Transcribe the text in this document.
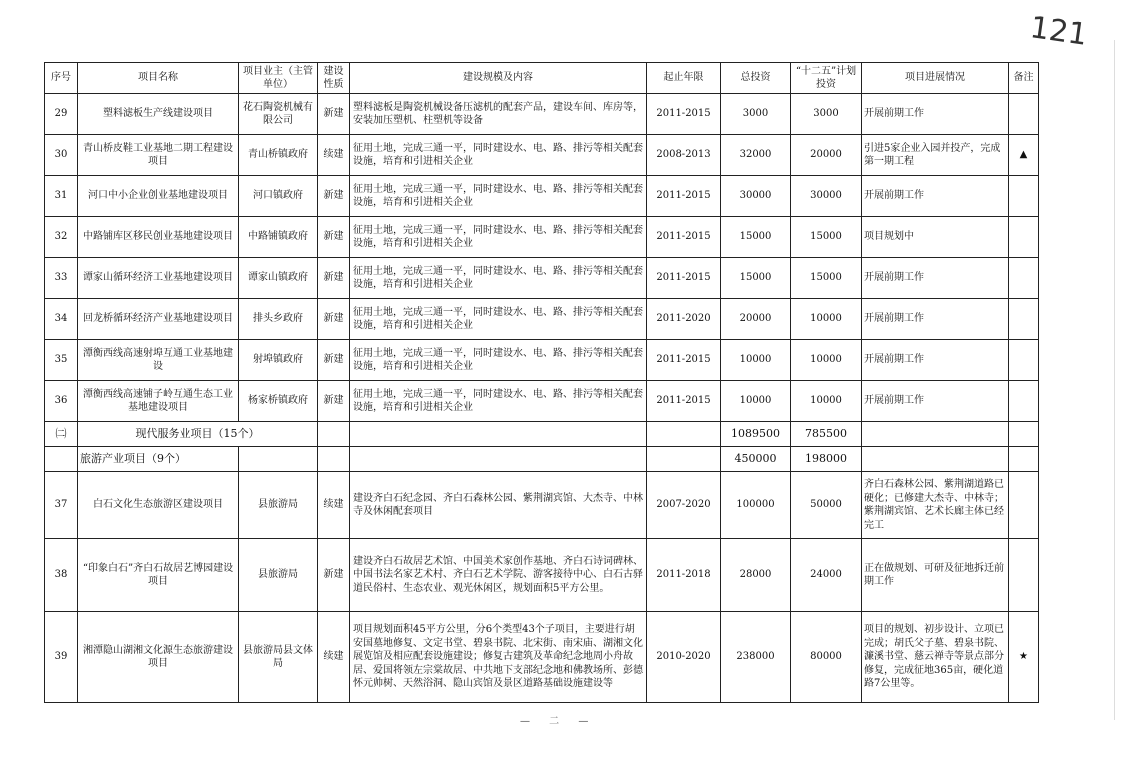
121
序号	项目名称	项目业主（主管单位）	建设性质	建设规模及内容	起止年限	总投资	“十二五”计划投资	项目进展情况	备注
29	塑料滤板生产线建设项目	花石陶瓷机械有限公司	新建	塑料滤板是陶瓷机械设备压滤机的配套产品，建设车间、库房等，安装加压塑机、柱塑机等设备	2011-2015	3000	3000	开展前期工作	
30	青山桥皮鞋工业基地二期工程建设项目	青山桥镇政府	续建	征用土地，完成三通一平，同时建设水、电、路、排污等相关配套设施，培育和引进相关企业	2008-2013	32000	20000	引进5家企业入园并投产，完成第一期工程	▲
31	河口中小企业创业基地建设项目	河口镇政府	新建	征用土地，完成三通一平，同时建设水、电、路、排污等相关配套设施，培育和引进相关企业	2011-2015	30000	30000	开展前期工作	
32	中路铺库区移民创业基地建设项目	中路铺镇政府	新建	征用土地，完成三通一平，同时建设水、电、路、排污等相关配套设施，培育和引进相关企业	2011-2015	15000	15000	项目规划中	
33	谭家山循环经济工业基地建设项目	谭家山镇政府	新建	征用土地，完成三通一平，同时建设水、电、路、排污等相关配套设施，培育和引进相关企业	2011-2015	15000	15000	开展前期工作	
34	回龙桥循环经济产业基地建设项目	排头乡政府	新建	征用土地，完成三通一平，同时建设水、电、路、排污等相关配套设施，培育和引进相关企业	2011-2020	20000	10000	开展前期工作	
35	潭衡西线高速射埠互通工业基地建设	射埠镇政府	新建	征用土地，完成三通一平，同时建设水、电、路、排污等相关配套设施，培育和引进相关企业	2011-2015	10000	10000	开展前期工作	
36	潭衡西线高速铺子岭互通生态工业基地建设项目	杨家桥镇政府	新建	征用土地，完成三通一平，同时建设水、电、路、排污等相关配套设施，培育和引进相关企业	2011-2015	10000	10000	开展前期工作	
㈡	现代服务业项目（15个）					1089500	785500		
	旅游产业项目（9个）					450000	198000		
37	白石文化生态旅游区建设项目	县旅游局	续建	建设齐白石纪念园、齐白石森林公园、紫荆湖宾馆、大杰寺、中林寺及休闲配套项目	2007-2020	100000	50000	齐白石森林公园、紫荆湖道路已硬化；已修建大杰寺、中林寺；紫荆湖宾馆、艺术长廊主体已经完工	
38	“印象白石”齐白石故居艺博园建设项目	县旅游局	新建	建设齐白石故居艺术馆、中国美术家创作基地、齐白石诗词碑林、中国书法名家艺术村、齐白石艺术学院、游客接待中心、白石古驿道民俗村、生态农业、观光休闲区，规划面积5平方公里。	2011-2018	28000	24000	正在做规划、可研及征地拆迁前期工作	
39	湘潭隐山湖湘文化源生态旅游建设项目	县旅游局县文体局	续建	项目规划面积45平方公里，分6个类型43个子项目，主要进行胡安国墓地修复、文定书堂、碧泉书院、北宋街、南宋庙、湖湘文化展览馆及相应配套设施建设；修复古建筑及革命纪念地周小舟故居、爱国将领左宗棠故居、中共地下支部纪念地和佛教场所、彭德怀元帅树、天然浴洞、隐山宾馆及景区道路基础设施建设等	2010-2020	238000	80000	项目的规划、初步设计、立项已完成；胡氏父子墓、碧泉书院、濂溪书堂、慈云禅寺等景点部分修复，完成征地365亩，硬化道路7公里等。	★
— 二 —
